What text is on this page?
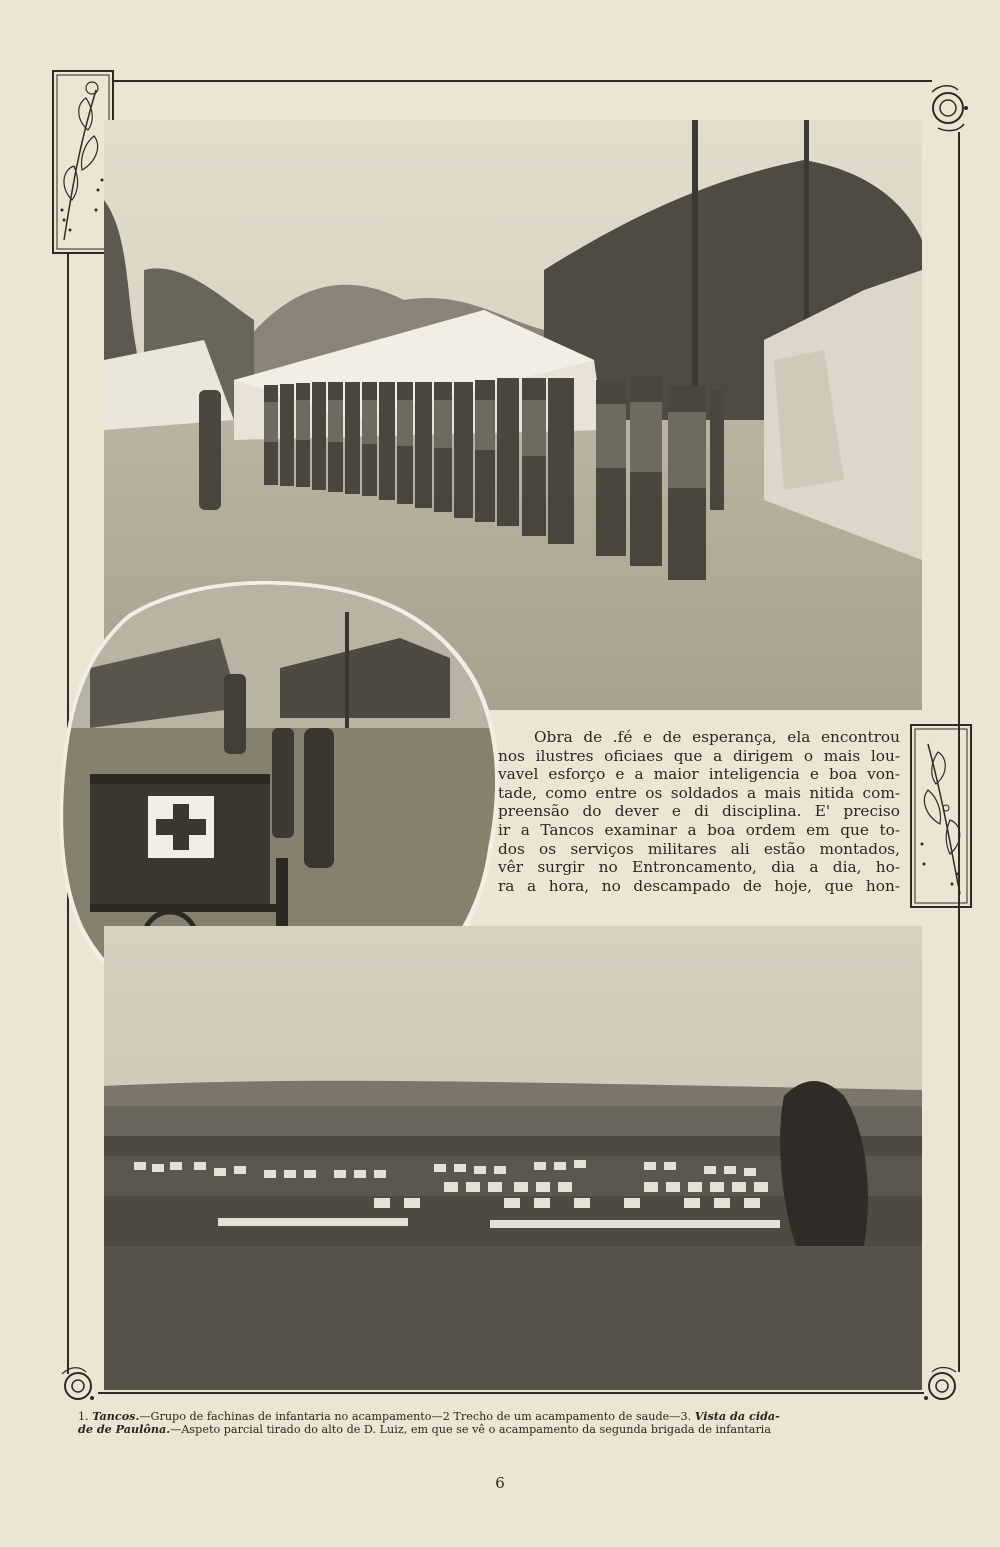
Obra de .fé e de esperança, ela encontrou
nos ilustres oficiaes que a dirigem o mais lou-
vavel esforço e a maior inteligencia e boa von-
tade, como entre os soldados a mais nitida com-
preensão do dever e di disciplina. E' preciso
ir a Tancos examinar a boa ordem em que to-
dos os serviços militares ali estão montados,
vêr surgir no Entroncamento, dia a dia, ho-
ra a hora, no descampado de hoje, que hon-

1. Tancos.—Grupo de fachinas de infantaria no acampamento—2 Trecho de um acampamento de saude—3. Vista da cida-
de de Paulôna.—Aspeto parcial tirado do alto de D. Luiz, em que se vê o acampamento da segunda brigada de infantaria
6
